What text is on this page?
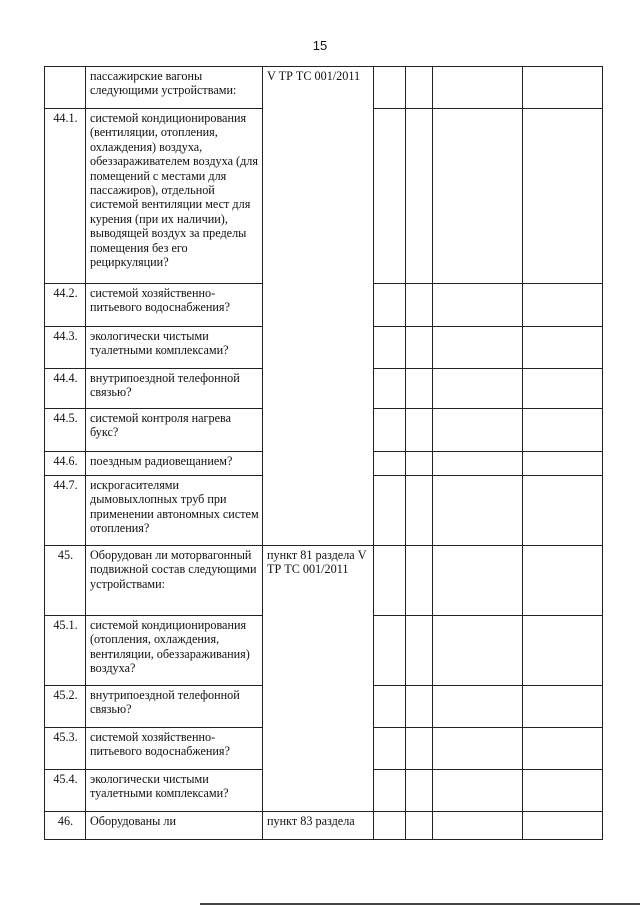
15
	пассажирские вагоны следующими устройствами:	V ТР ТС 001/2011				
44.1.	системой кондиционирования (вентиляции, отопления, охлаждения) воздуха, обеззараживателем воздуха (для помещений с местами для пассажиров), отдельной системой вентиляции мест для курения (при их наличии), выводящей воздух за пределы помещения без его рециркуляции?					
44.2.	системой хозяйственно-питьевого водоснабжения?					
44.3.	экологически чистыми туалетными комплексами?					
44.4.	внутрипоездной телефонной связью?					
44.5.	системой контроля нагрева букс?					
44.6.	поездным радиовещанием?					
44.7.	искрогасителями дымовыхлопных труб при применении автономных систем отопления?					
45.	Оборудован ли моторвагонный подвижной состав следующими устройствами:	пункт 81 раздела V ТР ТС 001/2011				
45.1.	системой кондиционирования (отопления, охлаждения, вентиляции, обеззараживания) воздуха?					
45.2.	внутрипоездной телефонной связью?					
45.3.	системой хозяйственно-питьевого водоснабжения?					
45.4.	экологически чистыми туалетными комплексами?					
46.	Оборудованы ли	пункт 83 раздела				
